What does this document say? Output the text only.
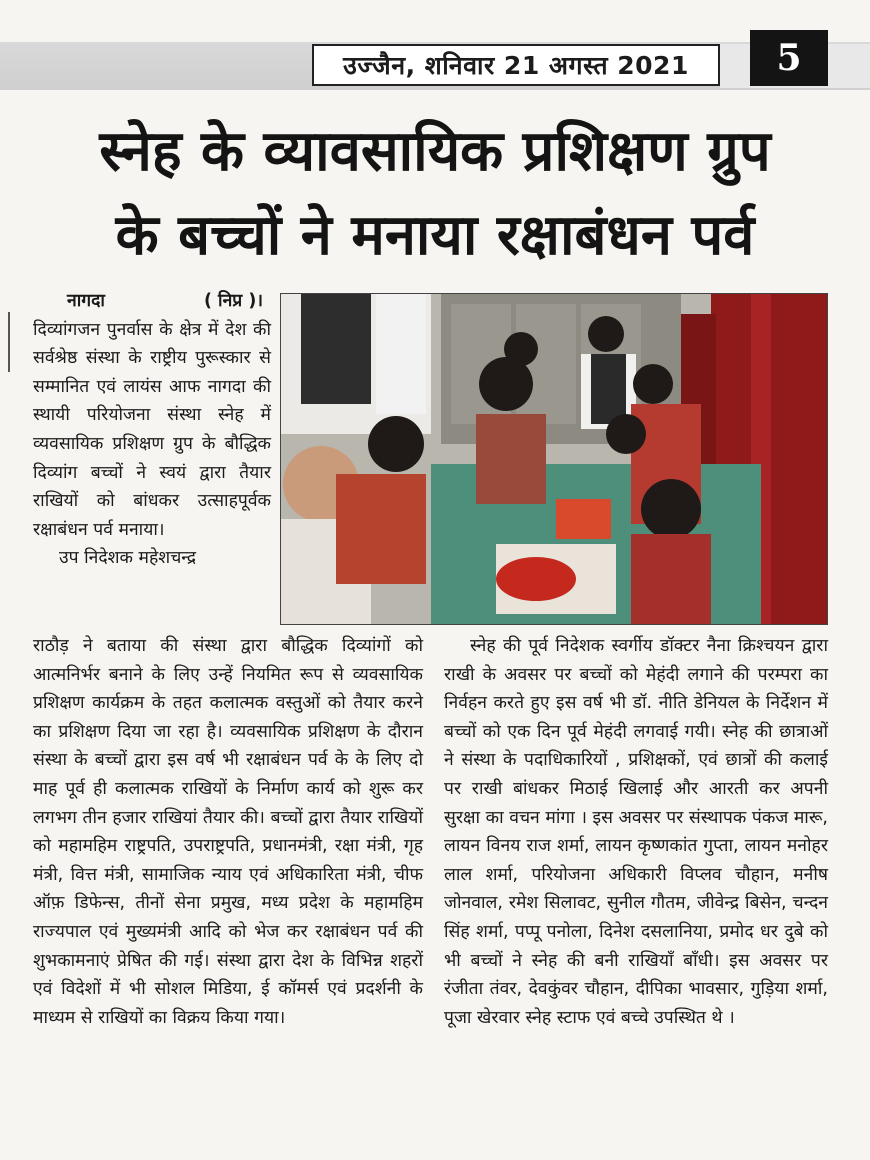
उज्जैन, शनिवार 21 अगस्त 2021	5
स्नेह के व्यावसायिक प्रशिक्षण ग्रुप
के बच्चों ने मनाया रक्षाबंधन पर्व

नागदा	( निप्र )।

दिव्यांगजन पुनर्वास के क्षेत्र में देश की सर्वश्रेष्ठ संस्था के राष्ट्रीय पुरूस्कार से सम्मानित एवं लायंस आफ नागदा की स्थायी परियोजना संस्था स्नेह में व्यवसायिक प्रशिक्षण ग्रुप के बौद्धिक दिव्यांग बच्चों ने स्वयं द्वारा तैयार राखियों को बांधकर उत्साहपूर्वक रक्षाबंधन पर्व मनाया।

उप निदेशक महेशचन्द्र

राठौड़ ने बताया की संस्था द्वारा बौद्धिक दिव्यांगों को आत्मनिर्भर बनाने के लिए उन्हें नियमित रूप से व्यवसायिक प्रशिक्षण कार्यक्रम के तहत कलात्मक वस्तुओं को तैयार करने का प्रशिक्षण दिया जा रहा है। व्यवसायिक प्रशिक्षण के दौरान संस्था के बच्चों द्वारा इस वर्ष भी रक्षाबंधन पर्व के के लिए दो माह पूर्व ही कलात्मक राखियों के निर्माण कार्य को शुरू कर लगभग तीन हजार राखियां तैयार की। बच्चों द्वारा तैयार राखियों को महामहिम राष्ट्रपति, उपराष्ट्रपति, प्रधानमंत्री, रक्षा मंत्री, गृह मंत्री, वित्त मंत्री, सामाजिक न्याय एवं अधिकारिता मंत्री, चीफ ऑफ़ डिफेन्स, तीनों सेना प्रमुख, मध्य प्रदेश के महामहिम राज्यपाल एवं मुख्यमंत्री आदि को भेज कर रक्षाबंधन पर्व की शुभकामनाएं प्रेषित की गई। संस्था द्वारा देश के विभिन्न शहरों एवं विदेशों में भी सोशल मिडिया, ई कॉमर्स एवं प्रदर्शनी के माध्यम से राखियों का विक्रय किया गया।

स्नेह की पूर्व निदेशक स्वर्गीय डॉक्टर नैना क्रिश्चयन द्वारा राखी के अवसर पर बच्चों को मेहंदी लगाने की परम्परा का निर्वहन करते हुए इस वर्ष भी डॉ. नीति डेनियल के निर्देशन में बच्चों को एक दिन पूर्व मेहंदी लगवाई गयी। स्नेह की छात्राओं ने संस्था के पदाधिकारियों , प्रशिक्षकों, एवं छात्रों की कलाई पर राखी बांधकर मिठाई खिलाई और आरती कर अपनी सुरक्षा का वचन मांगा । इस अवसर पर संस्थापक पंकज मारू, लायन विनय राज शर्मा, लायन कृष्णकांत गुप्ता, लायन मनोहर लाल शर्मा, परियोजना अधिकारी विप्लव चौहान, मनीष जोनवाल, रमेश सिलावट, सुनील गौतम, जीवेन्द्र बिसेन, चन्दन सिंह शर्मा, पप्पू पनोला, दिनेश दसलानिया, प्रमोद धर दुबे को भी बच्चों ने स्नेह की बनी राखियाँ बाँधी। इस अवसर पर रंजीता तंवर, देवकुंवर चौहान, दीपिका भावसार, गुड़िया शर्मा, पूजा खेरवार स्नेह स्टाफ एवं बच्चे उपस्थित थे ।
